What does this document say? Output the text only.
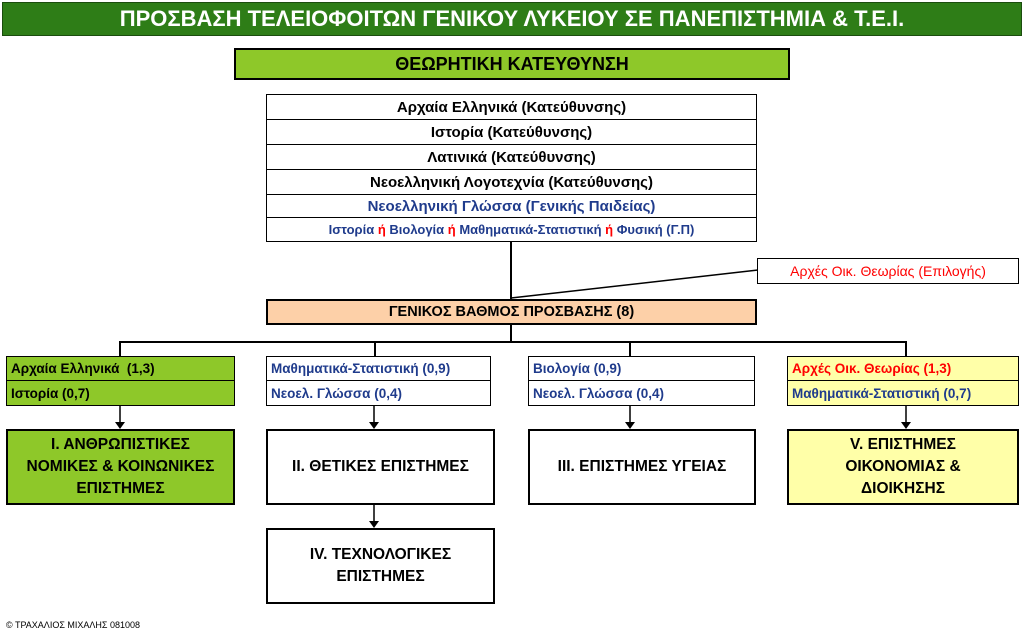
ΠΡΟΣΒΑΣΗ ΤΕΛΕΙΟΦΟΙΤΩΝ ΓΕΝΙΚΟΥ ΛΥΚΕΙΟΥ ΣΕ ΠΑΝΕΠΙΣΤΗΜΙΑ & Τ.Ε.Ι.
ΘΕΩΡΗΤΙΚΗ ΚΑΤΕΥΘΥΝΣΗ
Αρχαία Ελληνικά (Κατεύθυνσης)
Ιστορία (Κατεύθυνσης)
Λατινικά (Κατεύθυνσης)
Νεοελληνική Λογοτεχνία (Κατεύθυνσης)
Νεοελληνική Γλώσσα (Γενικής Παιδείας)
Ιστορία ή Βιολογία ή Μαθηματικά-Στατιστική ή Φυσική (Γ.Π)
Αρχές Οικ. Θεωρίας (Επιλογής)
ΓΕΝΙΚΟΣ ΒΑΘΜΟΣ ΠΡΟΣΒΑΣΗΣ (8)
Αρχαία Ελληνικά  (1,3)
Ιστορία (0,7)
Μαθηματικά-Στατιστική (0,9)
Νεοελ. Γλώσσα (0,4)
Βιολογία (0,9)
Νεοελ. Γλώσσα (0,4)
Αρχές Οικ. Θεωρίας (1,3)
Μαθηματικά-Στατιστική (0,7)
Ι. ΑΝΘΡΩΠΙΣΤΙΚΕΣ ΝΟΜΙΚΕΣ & ΚΟΙΝΩΝΙΚΕΣ ΕΠΙΣΤΗΜΕΣ
ΙΙ. ΘΕΤΙΚΕΣ ΕΠΙΣΤΗΜΕΣ	ΙΙΙ. ΕΠΙΣΤΗΜΕΣ ΥΓΕΙΑΣ
V. ΕΠΙΣΤΗΜΕΣ ΟΙΚΟΝΟΜΙΑΣ & ΔΙΟΙΚΗΣΗΣ
ΙV. ΤΕΧΝΟΛΟΓΙΚΕΣ ΕΠΙΣΤΗΜΕΣ
© ΤΡΑΧΑΛΙΟΣ ΜΙΧΑΛΗΣ 081008
